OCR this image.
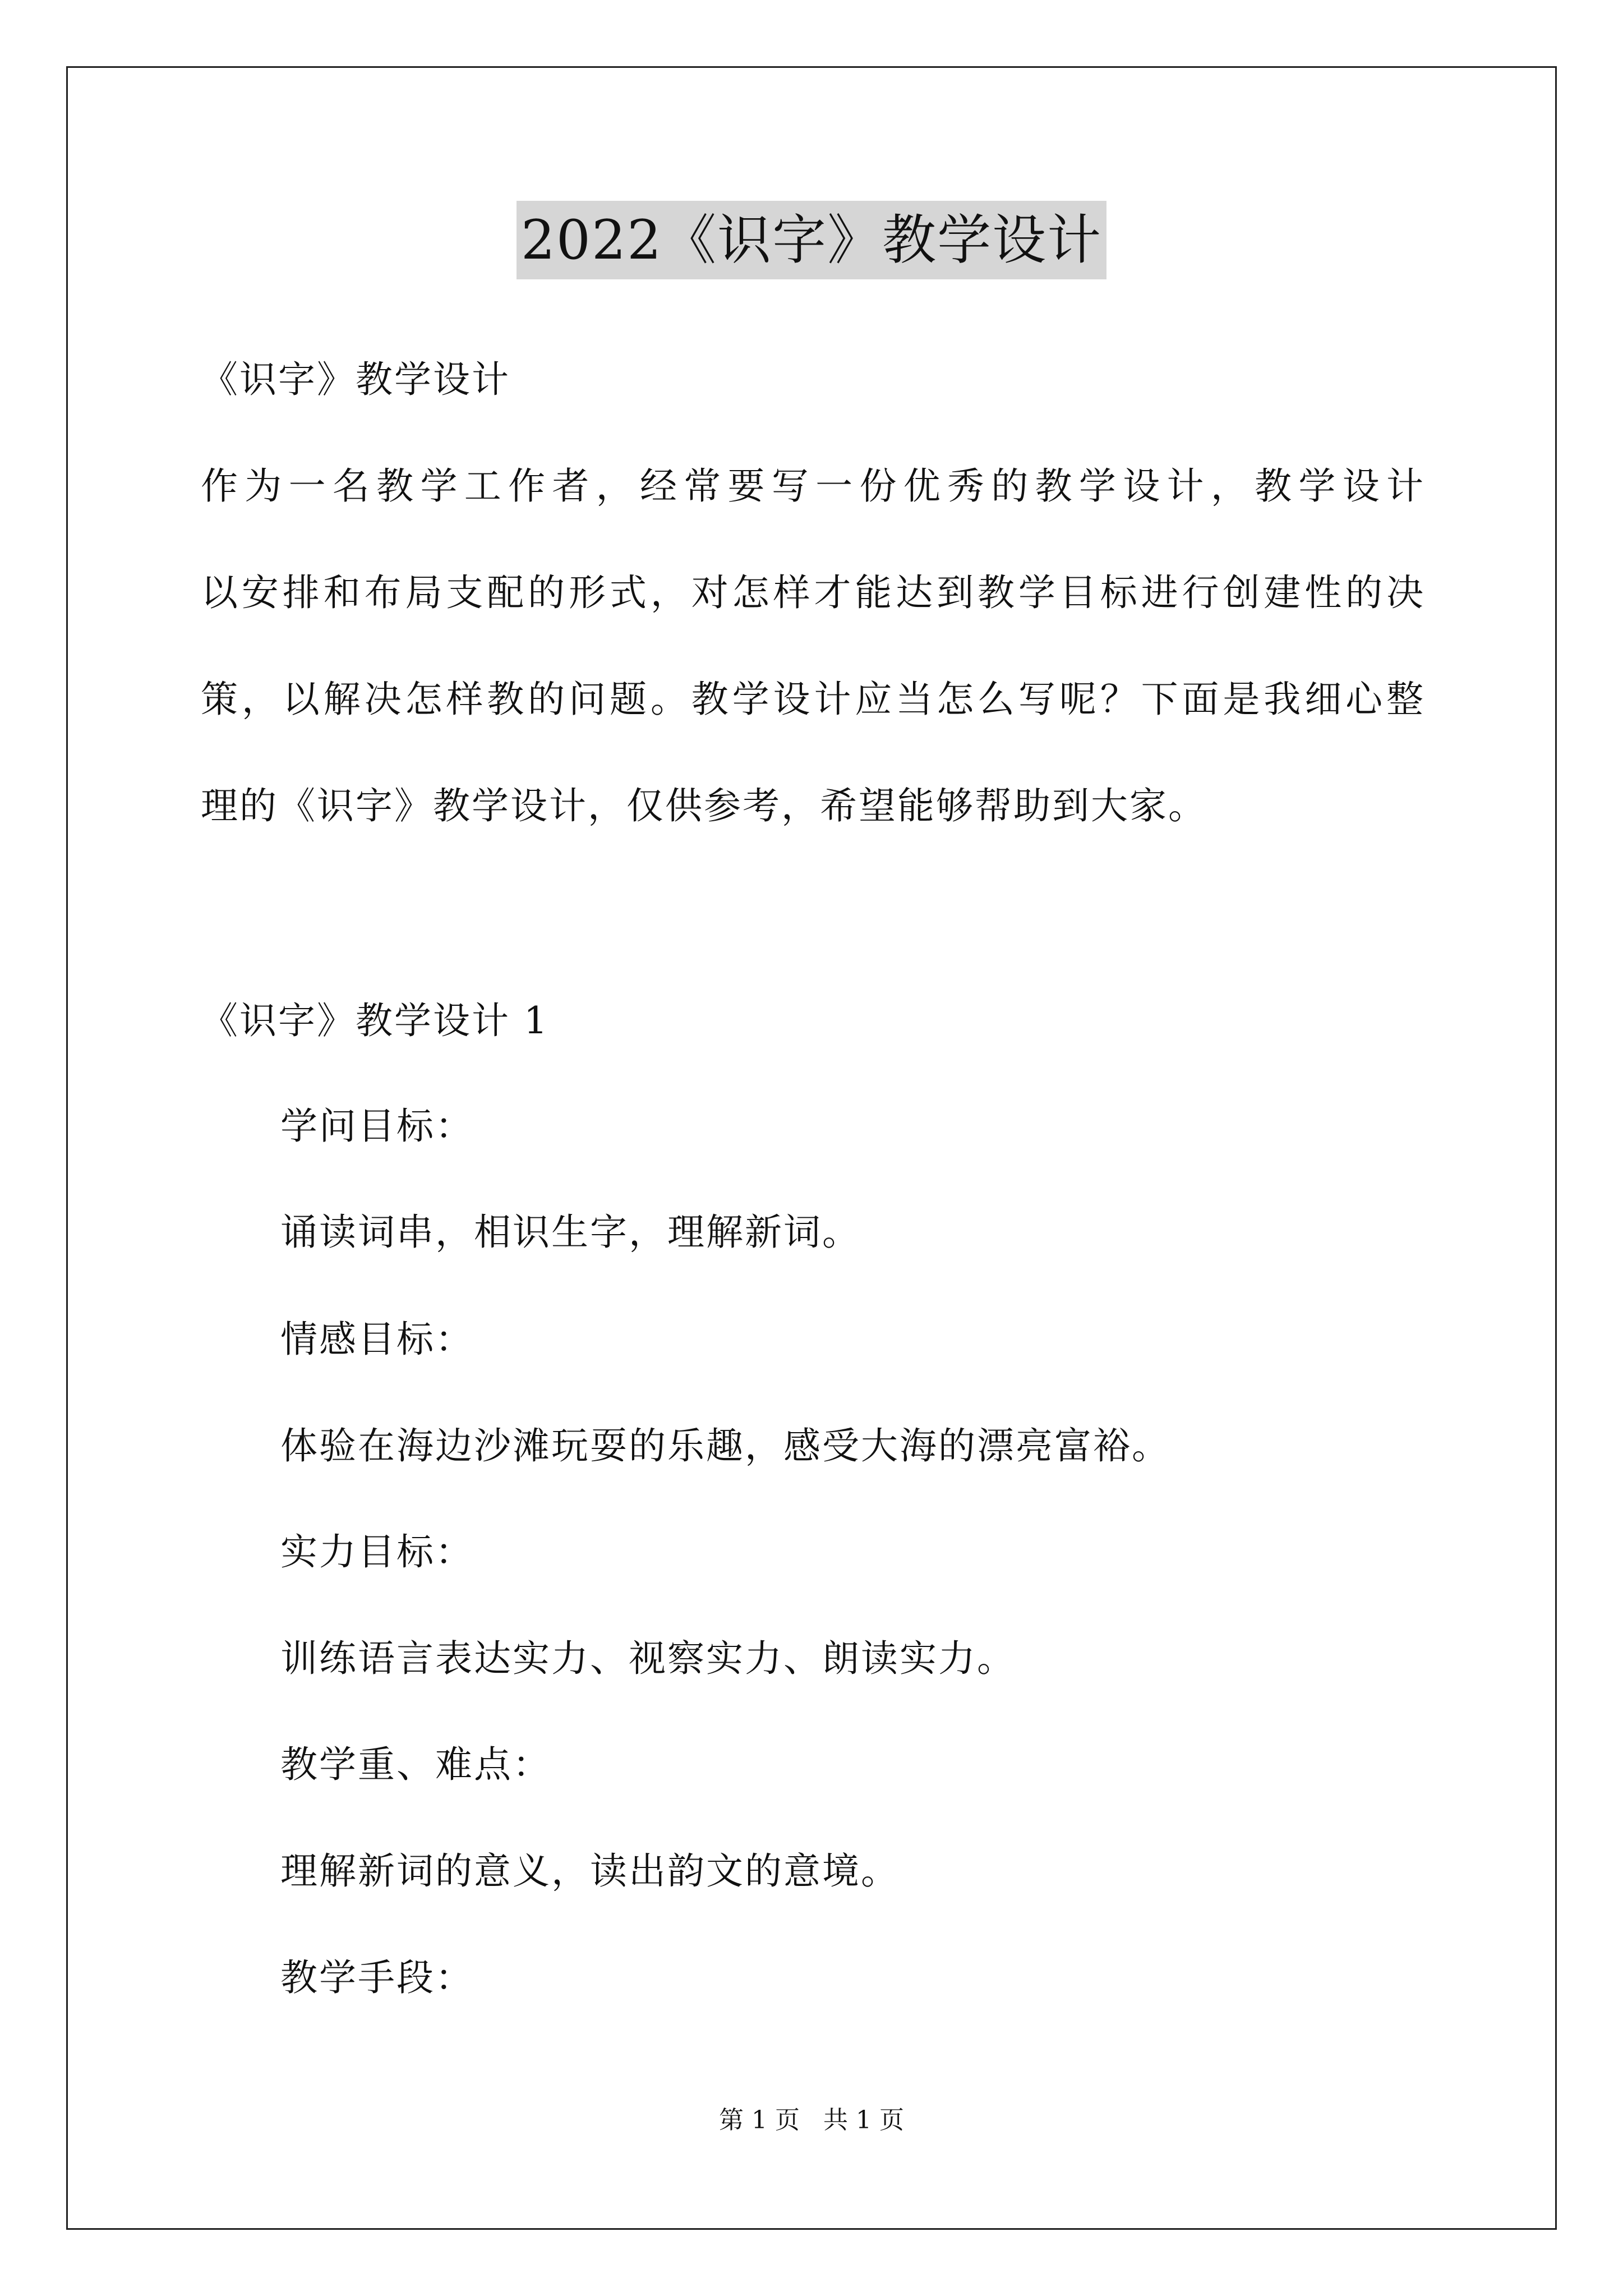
2022《识字》教学设计
《识字》教学设计
作为一名教学工作者，经常要写一份优秀的教学设计，教学设计
以安排和布局支配的形式，对怎样才能达到教学目标进行创建性的决
策，以解决怎样教的问题。教学设计应当怎么写呢？下面是我细心整
理的《识字》教学设计，仅供参考，希望能够帮助到大家。
《识字》教学设计 1
学问目标：
诵读词串，相识生字，理解新词。
情感目标：
体验在海边沙滩玩耍的乐趣，感受大海的漂亮富裕。
实力目标：
训练语言表达实力、视察实力、朗读实力。
教学重、难点：
理解新词的意义，读出韵文的意境。
教学手段：
第 1 页   共 1 页
